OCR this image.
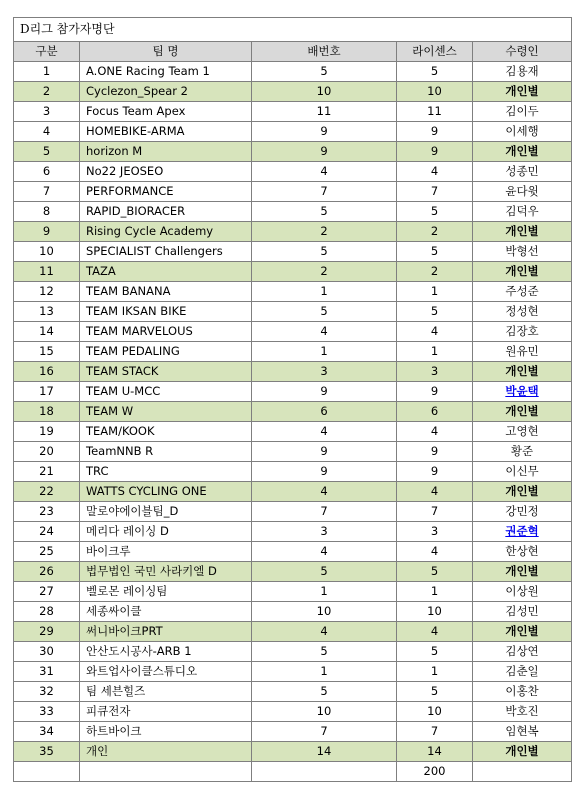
D리그 참가자명단				
구분	팀 명	배번호	라이센스	수령인
1	A.ONE Racing Team 1	5	5	김용재
2	Cyclezon_Spear 2	10	10	개인별
3	Focus Team Apex	11	11	김이두
4	HOMEBIKE-ARMA	9	9	이세행
5	horizon M	9	9	개인별
6	No22 JEOSEO	4	4	성종민
7	PERFORMANCE	7	7	윤다윗
8	RAPID_BIORACER	5	5	김덕우
9	Rising Cycle Academy	2	2	개인별
10	SPECIALIST Challengers	5	5	박형선
11	TAZA	2	2	개인별
12	TEAM BANANA	1	1	주성준
13	TEAM IKSAN BIKE	5	5	정성현
14	TEAM MARVELOUS	4	4	김장호
15	TEAM PEDALING	1	1	원유민
16	TEAM STACK	3	3	개인별
17	TEAM U-MCC	9	9	박윤택
18	TEAM W	6	6	개인별
19	TEAM/KOOK	4	4	고영현
20	TeamNNB R	9	9	황준
21	TRC	9	9	이신무
22	WATTS CYCLING ONE	4	4	개인별
23	말로야에이블팀_D	7	7	강민정
24	메리다 레이싱 D	3	3	권준혁
25	바이크루	4	4	한상현
26	법무법인 국민 사라키엘 D	5	5	개인별
27	벨로몬 레이싱팀	1	1	이상원
28	세종싸이클	10	10	김성민
29	써니바이크PRT	4	4	개인별
30	안산도시공사-ARB 1	5	5	김상연
31	와트업사이클스튜디오	1	1	김춘일
32	팀 세븐힐즈	5	5	이홍찬
33	피큐전자	10	10	박호진
34	하트바이크	7	7	임현복
35	개인	14	14	개인별
			200	
